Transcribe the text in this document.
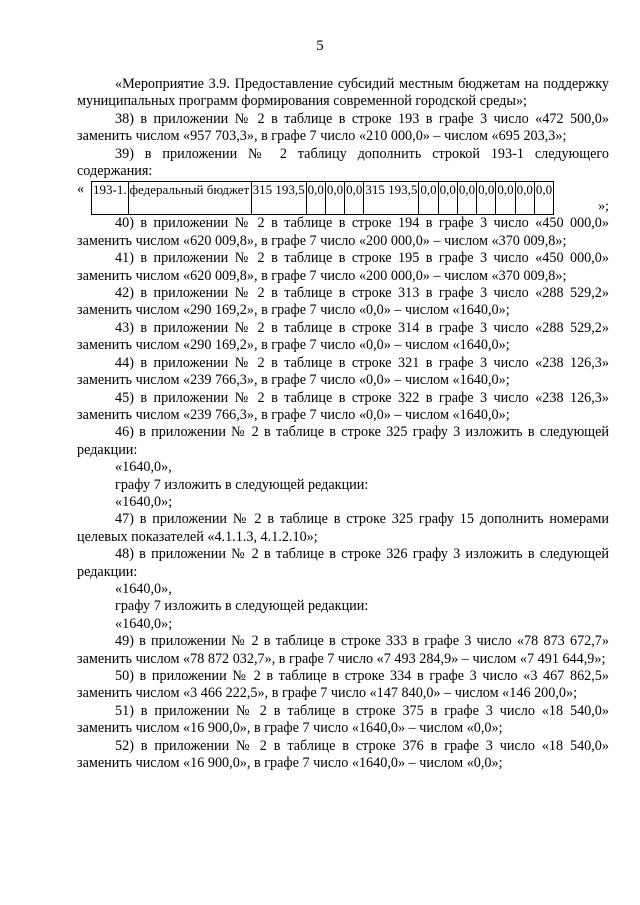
5

«Мероприятие 3.9. Предоставление субсидий местным бюджетам на поддержку муниципальных программ формирования современной городской среды»;

38) в приложении № 2 в таблице в строке 193 в графе 3 число «472 500,0» заменить числом «957 703,3», в графе 7 число «210 000,0» – числом «695 203,3»;

39) в приложении № 2 таблицу дополнить строкой 193-1 следующего содержания:

« 193-1.	федеральный бюджет	315 193,5	0,0	0,0	0,0	315 193,5	0,0	0,0	0,0	0,0	0,0	0,0	0,0
»;

40) в приложении № 2 в таблице в строке 194 в графе 3 число «450 000,0» заменить числом «620 009,8», в графе 7 число «200 000,0» – числом «370 009,8»;

41) в приложении № 2 в таблице в строке 195 в графе 3 число «450 000,0» заменить числом «620 009,8», в графе 7 число «200 000,0» – числом «370 009,8»;

42) в приложении № 2 в таблице в строке 313 в графе 3 число «288 529,2» заменить числом «290 169,2», в графе 7 число «0,0» – числом «1640,0»;

43) в приложении № 2 в таблице в строке 314 в графе 3 число «288 529,2» заменить числом «290 169,2», в графе 7 число «0,0» – числом «1640,0»;

44) в приложении № 2 в таблице в строке 321 в графе 3 число «238 126,3» заменить числом «239 766,3», в графе 7 число «0,0» – числом «1640,0»;

45) в приложении № 2 в таблице в строке 322 в графе 3 число «238 126,3» заменить числом «239 766,3», в графе 7 число «0,0» – числом «1640,0»;

46) в приложении № 2 в таблице в строке 325 графу 3 изложить в следующей редакции:

«1640,0»,

графу 7 изложить в следующей редакции:

«1640,0»;

47) в приложении № 2 в таблице в строке 325 графу 15 дополнить номерами целевых показателей «4.1.1.3, 4.1.2.10»;

48) в приложении № 2 в таблице в строке 326 графу 3 изложить в следующей редакции:

«1640,0»,

графу 7 изложить в следующей редакции:

«1640,0»;

49) в приложении № 2 в таблице в строке 333 в графе 3 число «78 873 672,7» заменить числом «78 872 032,7», в графе 7 число «7 493 284,9» – числом «7 491 644,9»;

50) в приложении № 2 в таблице в строке 334 в графе 3 число «3 467 862,5» заменить числом «3 466 222,5», в графе 7 число «147 840,0» – числом «146 200,0»;

51) в приложении № 2 в таблице в строке 375 в графе 3 число «18 540,0» заменить числом «16 900,0», в графе 7 число «1640,0» – числом «0,0»;

52) в приложении № 2 в таблице в строке 376 в графе 3 число «18 540,0» заменить числом «16 900,0», в графе 7 число «1640,0» – числом «0,0»;
